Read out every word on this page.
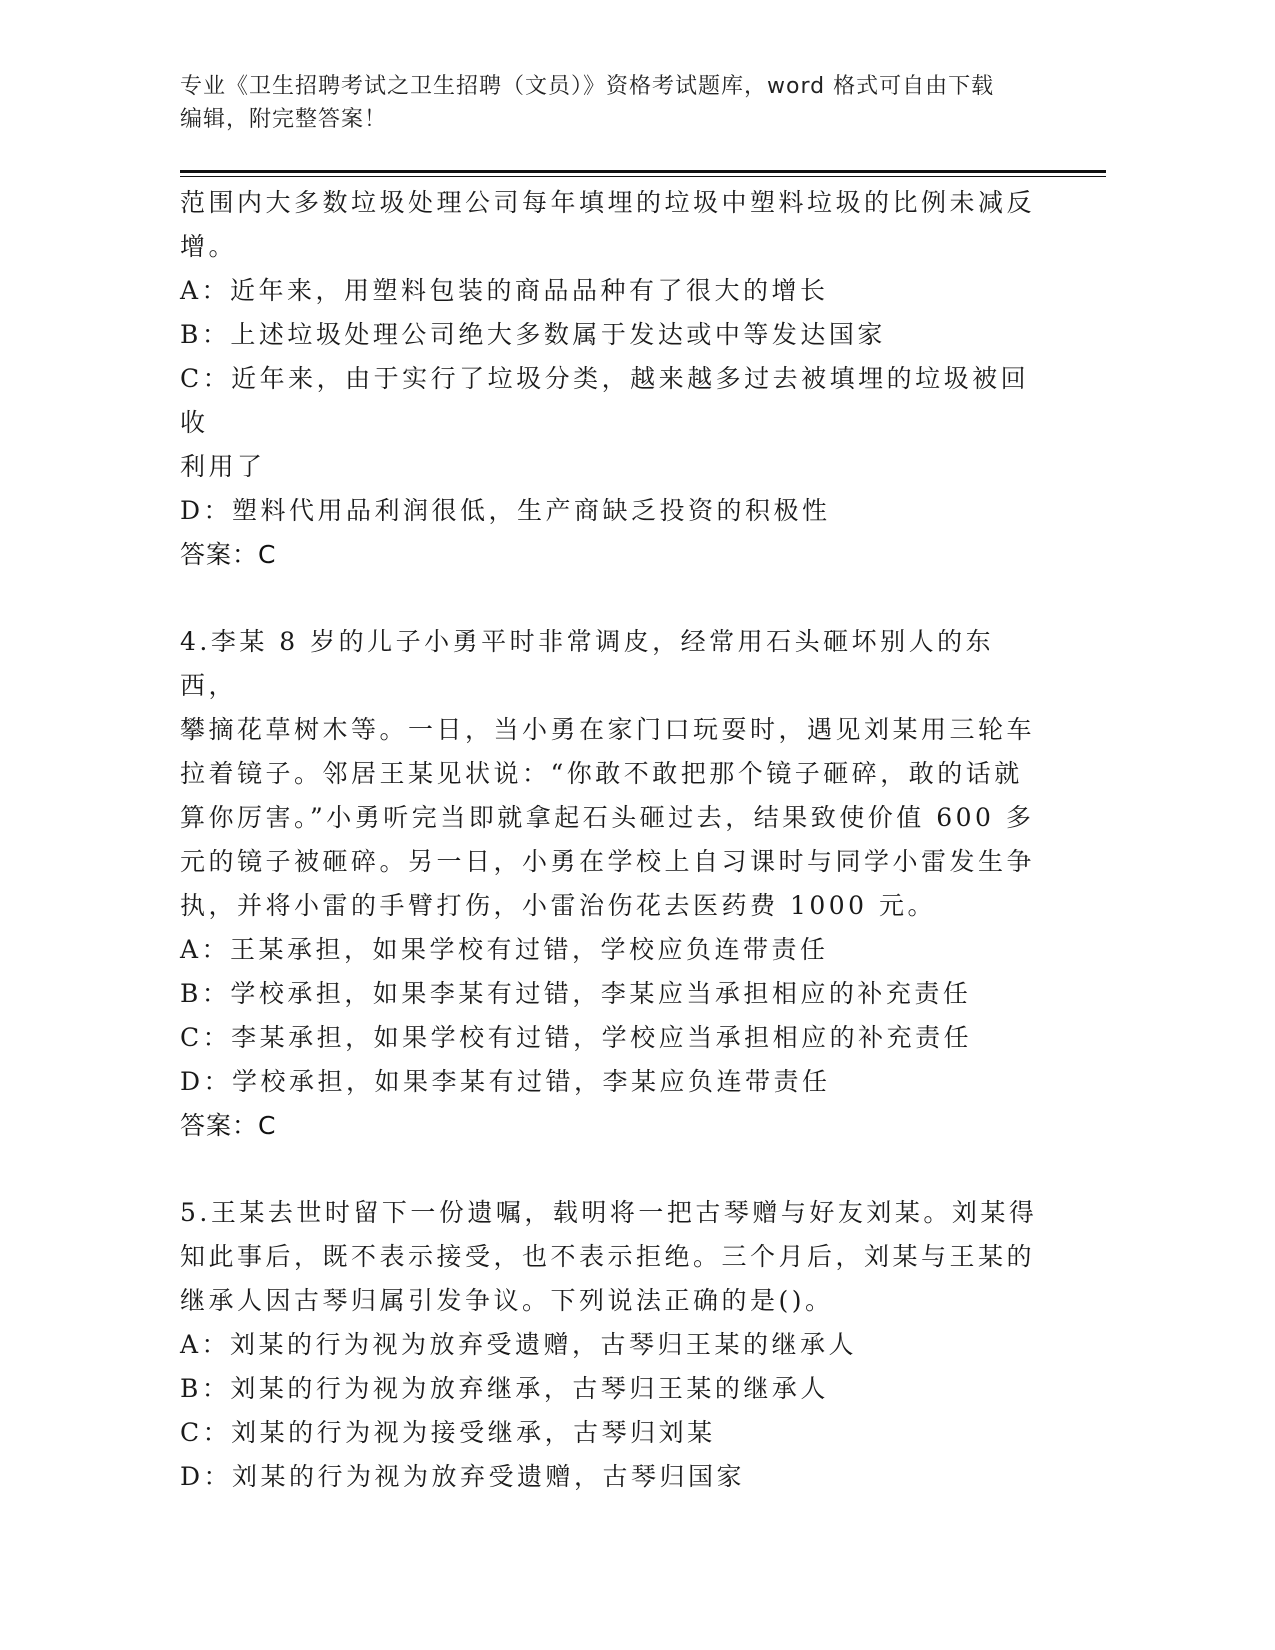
专业《卫生招聘考试之卫生招聘（文员）》资格考试题库，word 格式可自由下载
编辑，附完整答案！
范围内大多数垃圾处理公司每年填埋的垃圾中塑料垃圾的比例未减反
增。
A：近年来，用塑料包装的商品品种有了很大的增长
B：上述垃圾处理公司绝大多数属于发达或中等发达国家
C：近年来，由于实行了垃圾分类，越来越多过去被填埋的垃圾被回收
利用了
D：塑料代用品利润很低，生产商缺乏投资的积极性
答案：C
4.李某 8 岁的儿子小勇平时非常调皮，经常用石头砸坏别人的东西，
攀摘花草树木等。一日，当小勇在家门口玩耍时，遇见刘某用三轮车
拉着镜子。邻居王某见状说：“你敢不敢把那个镜子砸碎，敢的话就
算你厉害。”小勇听完当即就拿起石头砸过去，结果致使价值 600 多
元的镜子被砸碎。另一日，小勇在学校上自习课时与同学小雷发生争
执，并将小雷的手臂打伤，小雷治伤花去医药费 1000 元。
A：王某承担，如果学校有过错，学校应负连带责任
B：学校承担，如果李某有过错，李某应当承担相应的补充责任
C：李某承担，如果学校有过错，学校应当承担相应的补充责任
D：学校承担，如果李某有过错，李某应负连带责任
答案：C
5.王某去世时留下一份遗嘱，载明将一把古琴赠与好友刘某。刘某得
知此事后，既不表示接受，也不表示拒绝。三个月后，刘某与王某的
继承人因古琴归属引发争议。下列说法正确的是()。
A：刘某的行为视为放弃受遗赠，古琴归王某的继承人
B：刘某的行为视为放弃继承，古琴归王某的继承人
C：刘某的行为视为接受继承，古琴归刘某
D：刘某的行为视为放弃受遗赠，古琴归国家
